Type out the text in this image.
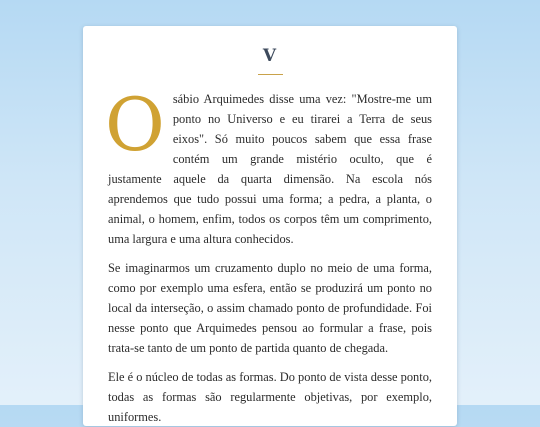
V

Osábio Arquimedes disse uma vez: "Mostre-me um ponto no Universo e eu tirarei a Terra de seus eixos". Só muito poucos sabem que essa frase contém um grande mistério oculto, que é justamente aquele da quarta dimensão. Na escola nós aprendemos que tudo possui uma forma; a pedra, a planta, o animal, o homem, enfim, todos os corpos têm um comprimento, uma largura e uma altura conhecidos.

Se imaginarmos um cruzamento duplo no meio de uma forma, como por exemplo uma esfera, então se produzirá um ponto no local da interseção, o assim chamado ponto de profundidade. Foi nesse ponto que Arquimedes pensou ao formular a frase, pois trata-se tanto de um ponto de partida quanto de chegada.

Ele é o núcleo de todas as formas. Do ponto de vista desse ponto, todas as formas são regularmente objetivas, por exemplo, uniformes.
